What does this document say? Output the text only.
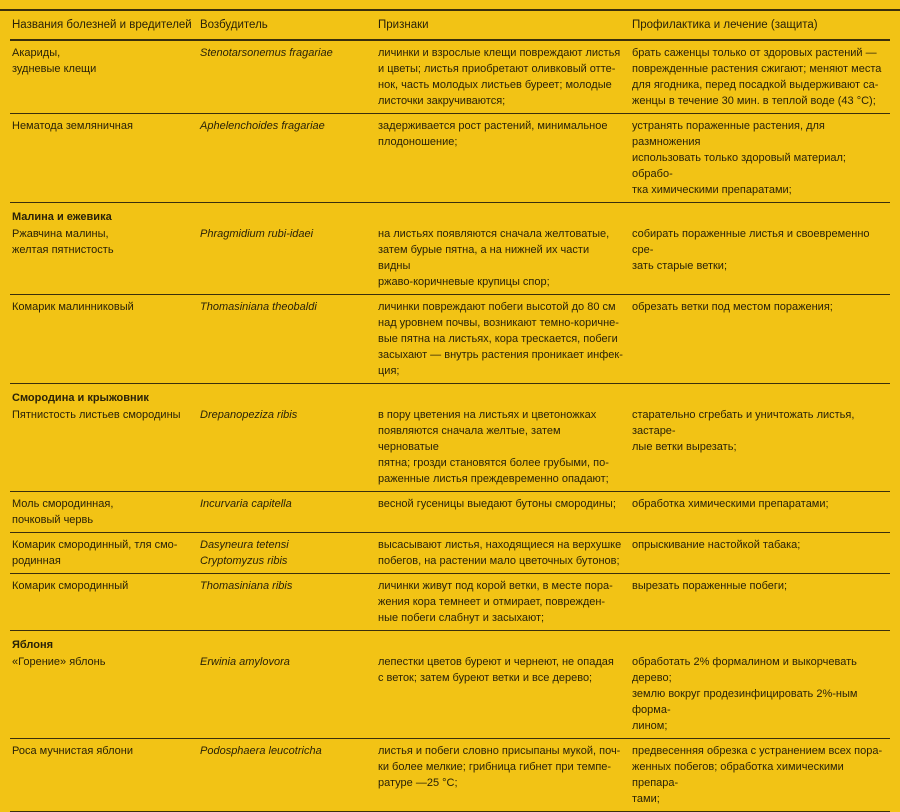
Названия болезней и вредителей	Возбудитель	Признаки	Профилактика и лечение (защита)
Акариды,
зудневые клещи	Stenotarsonemus fragariae	личинки и взрослые клещи повреждают листья
и цветы; листья приобретают оливковый отте-
нок, часть молодых листьев буреет; молодые
листочки закручиваются;	брать саженцы только от здоровых растений —
поврежденные растения сжигают; меняют места
для ягодника, перед посадкой выдерживают са-
женцы в течение 30 мин. в теплой воде (43 °С);
Нематода земляничная	Aphelenchoides fragariae	задерживается рост растений, минимальное
плодоношение;	устранять пораженные растения, для размножения
использовать только здоровый материал; обрабо-
тка химическими препаратами;
Малина и ежевика			
Ржавчина малины,
желтая пятнистость	Phragmidium rubi-idaei	на листьях появляются сначала желтоватые,
затем бурые пятна, а на нижней их части видны
ржаво-коричневые крупицы спор;	собирать пораженные листья и своевременно сре-
зать старые ветки;
Комарик малинниковый	Thomasiniana theobaldi	личинки повреждают побеги высотой до 80 см
над уровнем почвы, возникают темно-коричне-
вые пятна на листьях, кора трескается, побеги
засыхают — внутрь растения проникает инфек-
ция;	обрезать ветки под местом поражения;
Смородина и крыжовник			
Пятнистость листьев смородины	Drepanopeziza ribis	в пору цветения на листьях и цветоножках
появляются сначала желтые, затем черноватые
пятна; грозди становятся более грубыми, по-
раженные листья преждевременно опадают;	старательно сгребать и уничтожать листья, застаре-
лые ветки вырезать;
Моль смородинная,
почковый червь	Incurvaria capitella	весной гусеницы выедают бутоны смородины;	обработка химическими препаратами;
Комарик смородинный, тля смо-
родинная	Dasyneura tetensi
Cryptomyzus ribis	высасывают листья, находящиеся на верхушке
побегов, на растении мало цветочных бутонов;	опрыскивание настойкой табака;
Комарик смородинный	Thomasiniana ribis	личинки живут под корой ветки, в месте пора-
жения кора темнеет и отмирает, поврежден-
ные побеги слабнут и засыхают;	вырезать пораженные побеги;
Яблоня			
«Горение» яблонь	Erwinia amylovora	лепестки цветов буреют и чернеют, не опадая
с веток; затем буреют ветки и все дерево;	обработать 2% формалином и выкорчевать дерево;
землю вокруг продезинфицировать 2%-ным форма-
лином;
Роса мучнистая яблони	Podosphaera leucotricha	листья и побеги словно присыпаны мукой, поч-
ки более мелкие; грибница гибнет при темпе-
ратуре —25 °С;	предвесенняя обрезка с устранением всех пора-
женных побегов; обработка химическими препара-
тами;
